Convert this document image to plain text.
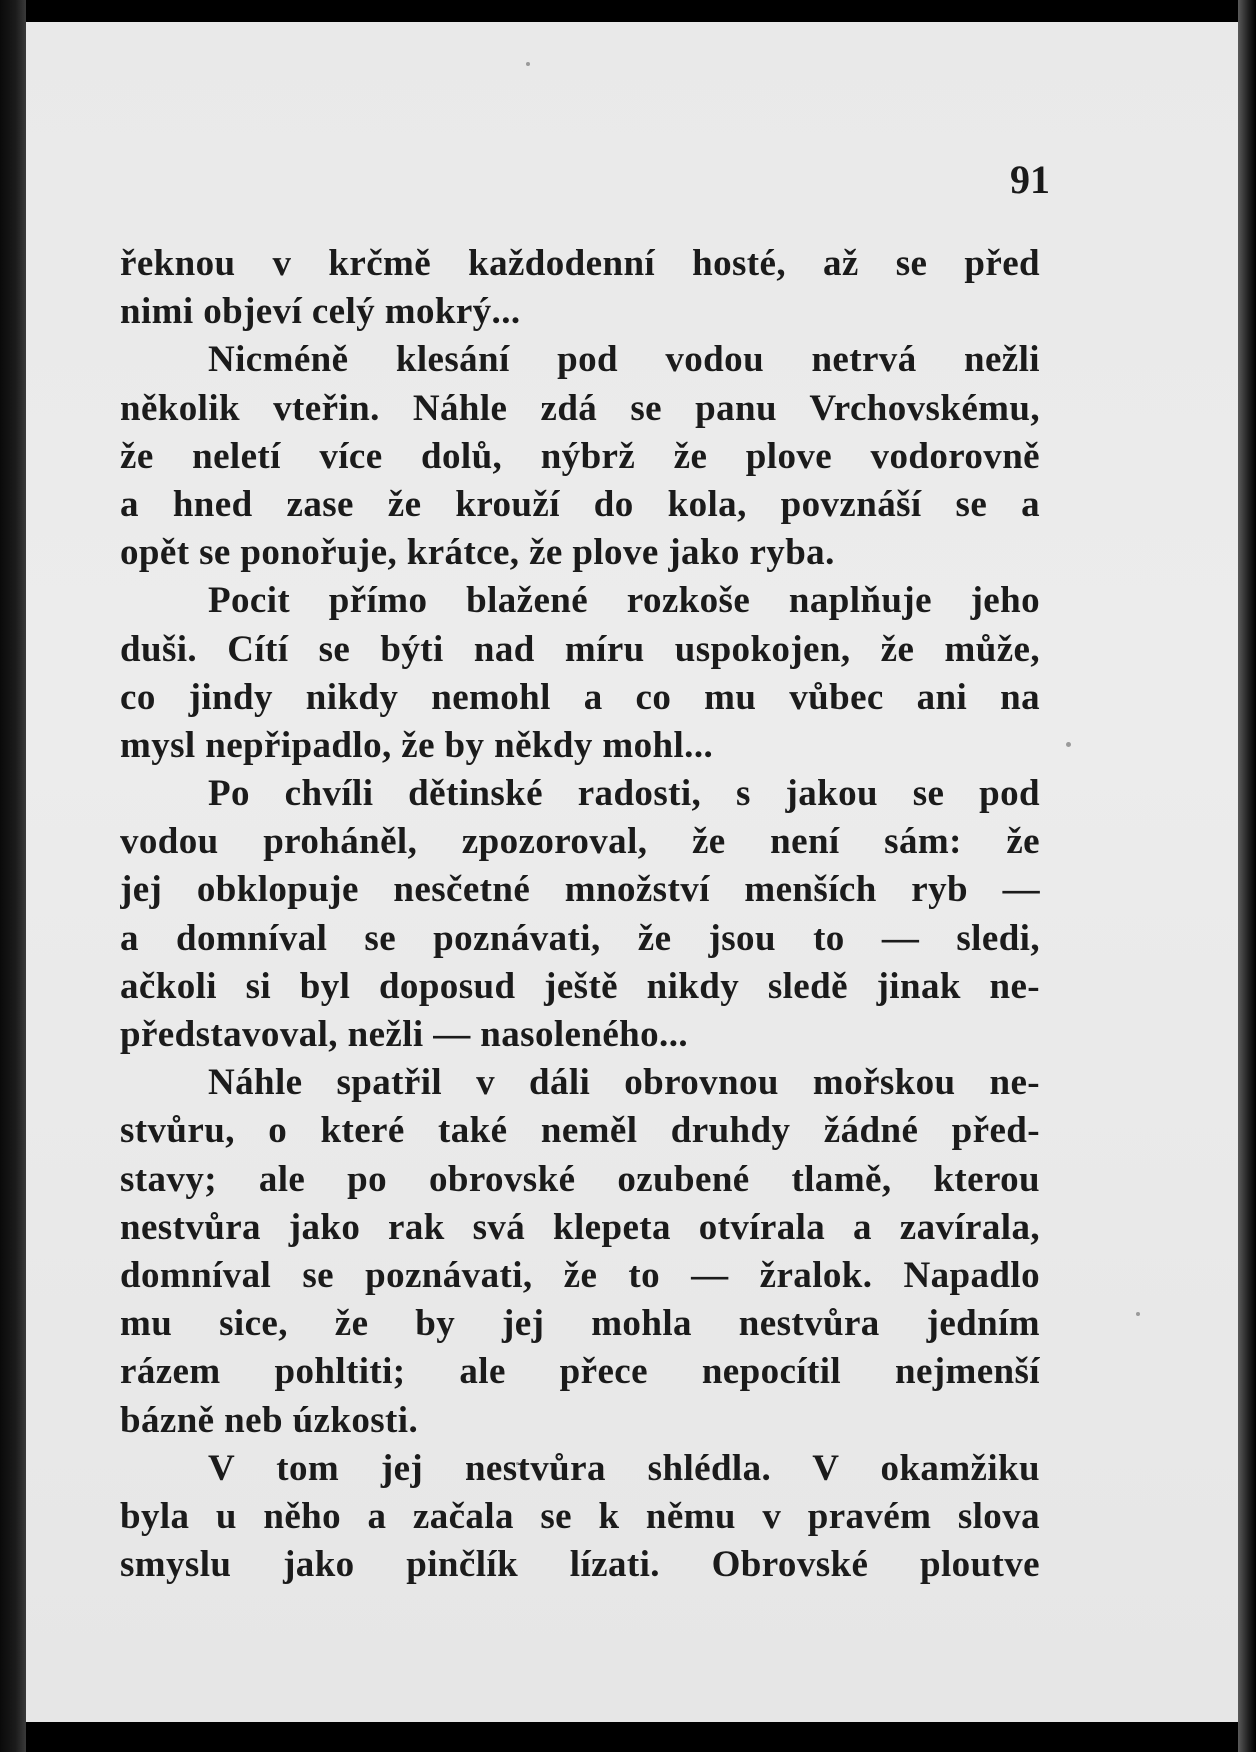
91
řeknou v krčmě každodenní hosté, až se před
nimi objeví celý mokrý...
Nicméně klesání pod vodou netrvá nežli
několik vteřin. Náhle zdá se panu Vrchovskému,
že neletí více dolů, nýbrž že plove vodorovně
a hned zase že krouží do kola, povznáší se a
opět se ponořuje, krátce, že plove jako ryba.
Pocit přímo blažené rozkoše naplňuje jeho
duši. Cítí se býti nad míru uspokojen, že může,
co jindy nikdy nemohl a co mu vůbec ani na
mysl nepřipadlo, že by někdy mohl...
Po chvíli dětinské radosti, s jakou se pod
vodou proháněl, zpozoroval, že není sám: že
jej obklopuje nesčetné množství menších ryb —
a domníval se poznávati, že jsou to — sledi,
ačkoli si byl doposud ještě nikdy sledě jinak ne-
představoval, nežli — nasoleného...
Náhle spatřil v dáli obrovnou mořskou ne-
stvůru, o které také neměl druhdy žádné před-
stavy; ale po obrovské ozubené tlamě, kterou
nestvůra jako rak svá klepeta otvírala a zavírala,
domníval se poznávati, že to — žralok. Napadlo
mu sice, že by jej mohla nestvůra jedním
rázem pohltiti; ale přece nepocítil nejmenší
bázně neb úzkosti.
V tom jej nestvůra shlédla. V okamžiku
byla u něho a začala se k němu v pravém slova
smyslu jako pinčlík lízati. Obrovské ploutve
